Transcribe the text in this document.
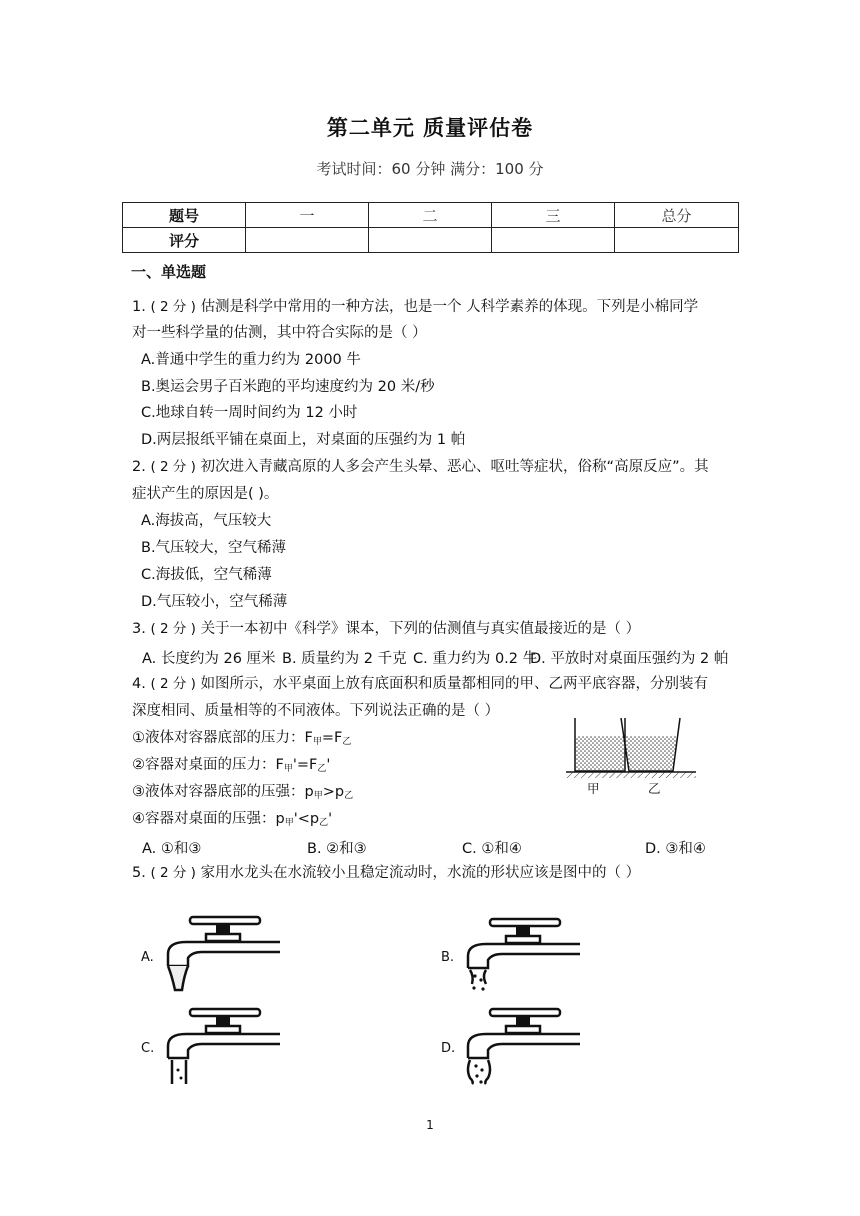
第二单元 质量评估卷
考试时间：60 分钟 满分：100 分
题号	一	二	三	总分
评分				
一、单选题
1. ( 2 分 ) 估测是科学中常用的一种方法，也是一个 人科学素养的体现。下列是小棉同学
对一些科学量的估测，其中符合实际的是（ ）
A.普通中学生的重力约为 2000 牛
B.奥运会男子百米跑的平均速度约为 20 米/秒
C.地球自转一周时间约为 12 小时
D.两层报纸平铺在桌面上，对桌面的压强约为 1 帕
2. ( 2 分 ) 初次进入青藏高原的人多会产生头晕、恶心、呕吐等症状，俗称“高原反应”。其
症状产生的原因是( )。
A.海拔高，气压较大
B.气压较大，空气稀薄
C.海拔低，空气稀薄
D.气压较小，空气稀薄
3. ( 2 分 ) 关于一本初中《科学》课本，下列的估测值与真实值最接近的是（ ）
A. 长度约为 26 厘米 B. 质量约为 2 千克 C. 重力约为 0.2 牛
D. 平放时对桌面压强约为 2 帕
4. ( 2 分 ) 如图所示，水平桌面上放有底面积和质量都相同的甲、乙两平底容器，分别装有
深度相同、质量相等的不同液体。下列说法正确的是（ ）
①液体对容器底部的压力：$F_甲=F_乙$
②容器对桌面的压力：$F_甲'=F_乙'$
③液体对容器底部的压强：$p_甲>p_乙$
④容器对桌面的压强：$p_甲'<p_乙'$
A. ①和③	B. ②和③	C. ①和④	D. ③和④
甲	乙
5. ( 2 分 ) 家用水龙头在水流较小且稳定流动时，水流的形状应该是图中的（ ）
A.	B.
C.	D.
1
